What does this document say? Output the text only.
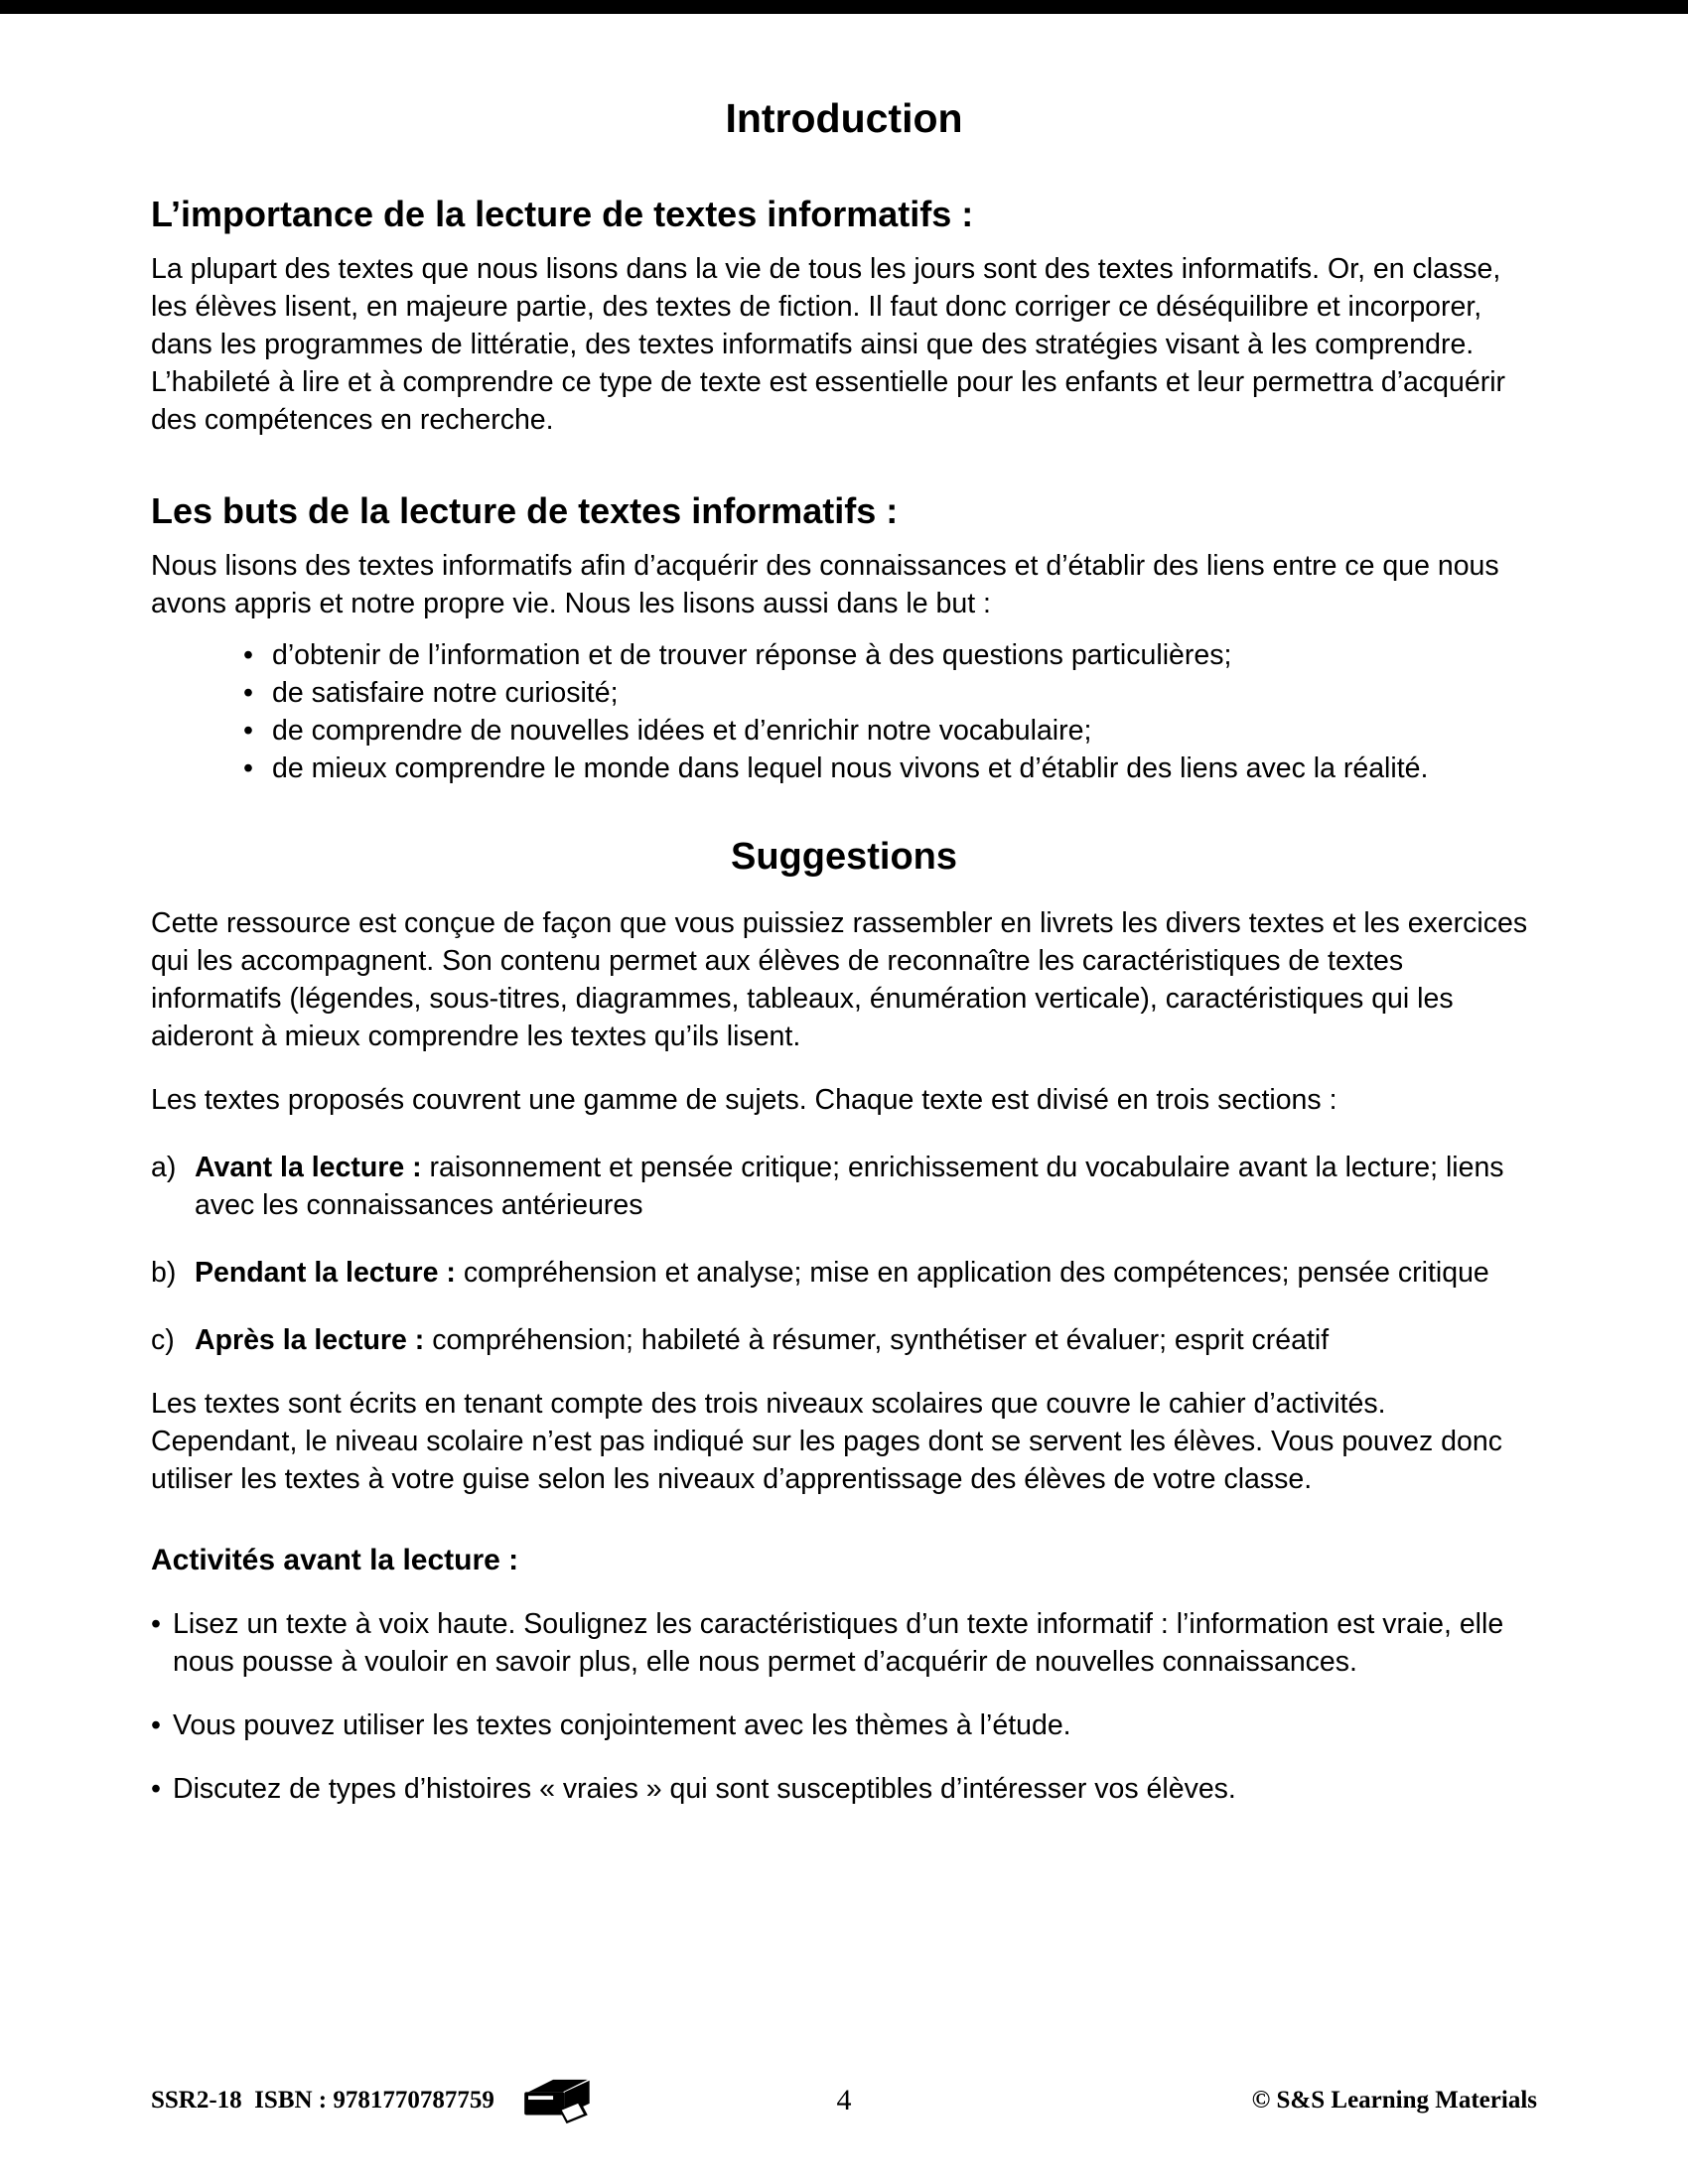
Introduction
L’importance de la lecture de textes informatifs :

La plupart des textes que nous lisons dans la vie de tous les jours sont des textes informatifs. Or, en classe, les élèves lisent, en majeure partie, des textes de fiction. Il faut donc corriger ce déséquilibre et incorporer, dans les programmes de littératie, des textes informatifs ainsi que des stratégies visant à les comprendre. L’habileté à lire et à comprendre ce type de texte est essentielle pour les enfants et leur permettra d’acquérir des compétences en recherche.

Les buts de la lecture de textes informatifs :

Nous lisons des textes informatifs afin d’acquérir des connaissances et d’établir des liens entre ce que nous avons appris et notre propre vie. Nous les lisons aussi dans le but :

• d’obtenir de l’information et de trouver réponse à des questions particulières;
• de satisfaire notre curiosité;
• de comprendre de nouvelles idées et d’enrichir notre vocabulaire;
• de mieux comprendre le monde dans lequel nous vivons et d’établir des liens avec la réalité.
Suggestions

Cette ressource est conçue de façon que vous puissiez rassembler en livrets les divers textes et les exercices qui les accompagnent. Son contenu permet aux élèves de reconnaître les caractéristiques de textes informatifs (légendes, sous-titres, diagrammes, tableaux, énumération verticale), caractéristiques qui les aideront à mieux comprendre les textes qu’ils lisent.

Les textes proposés couvrent une gamme de sujets. Chaque texte est divisé en trois sections :

a) Avant la lecture : raisonnement et pensée critique; enrichissement du vocabulaire avant la lecture; liens avec les connaissances antérieures
b) Pendant la lecture : compréhension et analyse; mise en application des compétences; pensée critique
c) Après la lecture : compréhension; habileté à résumer, synthétiser et évaluer; esprit créatif

Les textes sont écrits en tenant compte des trois niveaux scolaires que couvre le cahier d’activités. Cependant, le niveau scolaire n’est pas indiqué sur les pages dont se servent les élèves. Vous pouvez donc utiliser les textes à votre guise selon les niveaux d’apprentissage des élèves de votre classe.

Activités avant la lecture :
• Lisez un texte à voix haute. Soulignez les caractéristiques d’un texte informatif : l’information est vraie, elle nous pousse à vouloir en savoir plus, elle nous permet d’acquérir de nouvelles connaissances.
• Vous pouvez utiliser les textes conjointement avec les thèmes à l’étude.
• Discutez de types d’histoires « vraies » qui sont susceptibles d’intéresser vos élèves.
SSR2-18  ISBN : 9781770787759	4	© S&S Learning Materials
